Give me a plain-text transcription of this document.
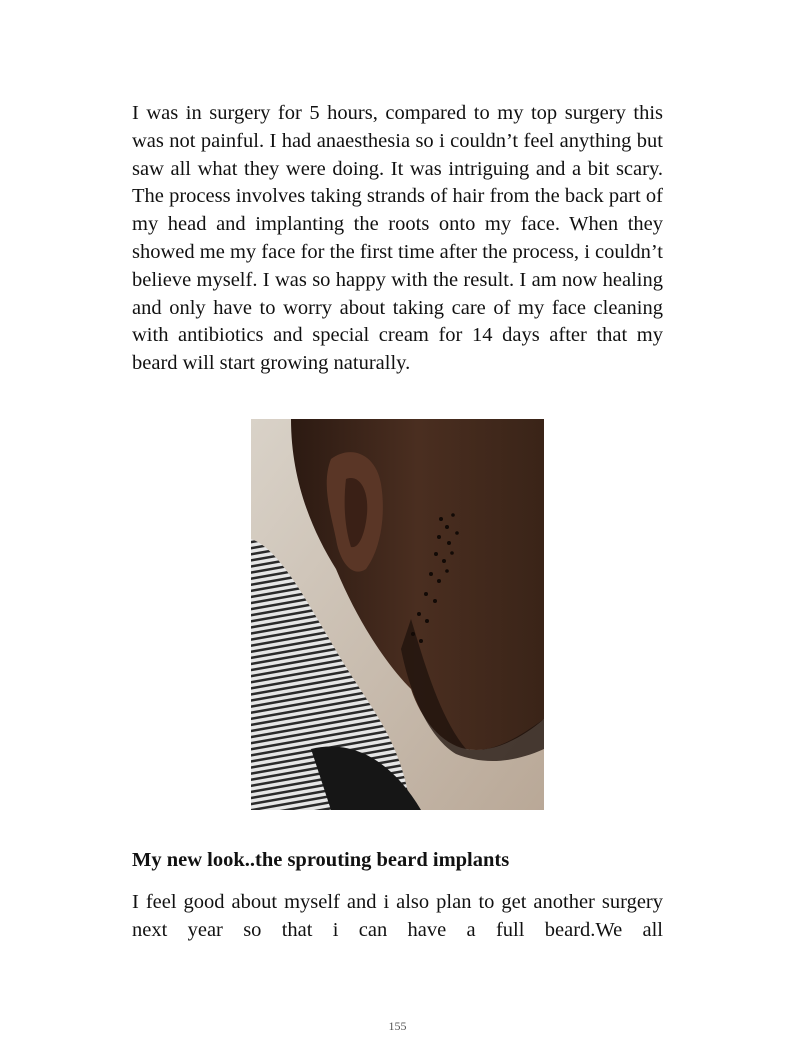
I was in surgery for 5 hours, compared to my top surgery this was not painful. I had anaesthesia so i couldn’t feel anything but saw all what they were doing. It was intriguing and a bit scary. The process involves taking strands of hair from the back part of my head and implanting the roots onto my face. When they showed me my face for the first time after the process, i couldn’t believe myself. I was so happy with the result. I am now healing and only have to worry about taking care of my face cleaning with antibiotics and special cream for 14 days after that my beard will start growing naturally.

My new look..the sprouting beard implants

I feel good about myself and i also plan to get another surgery next year so that i can have a full beard.We all

155
